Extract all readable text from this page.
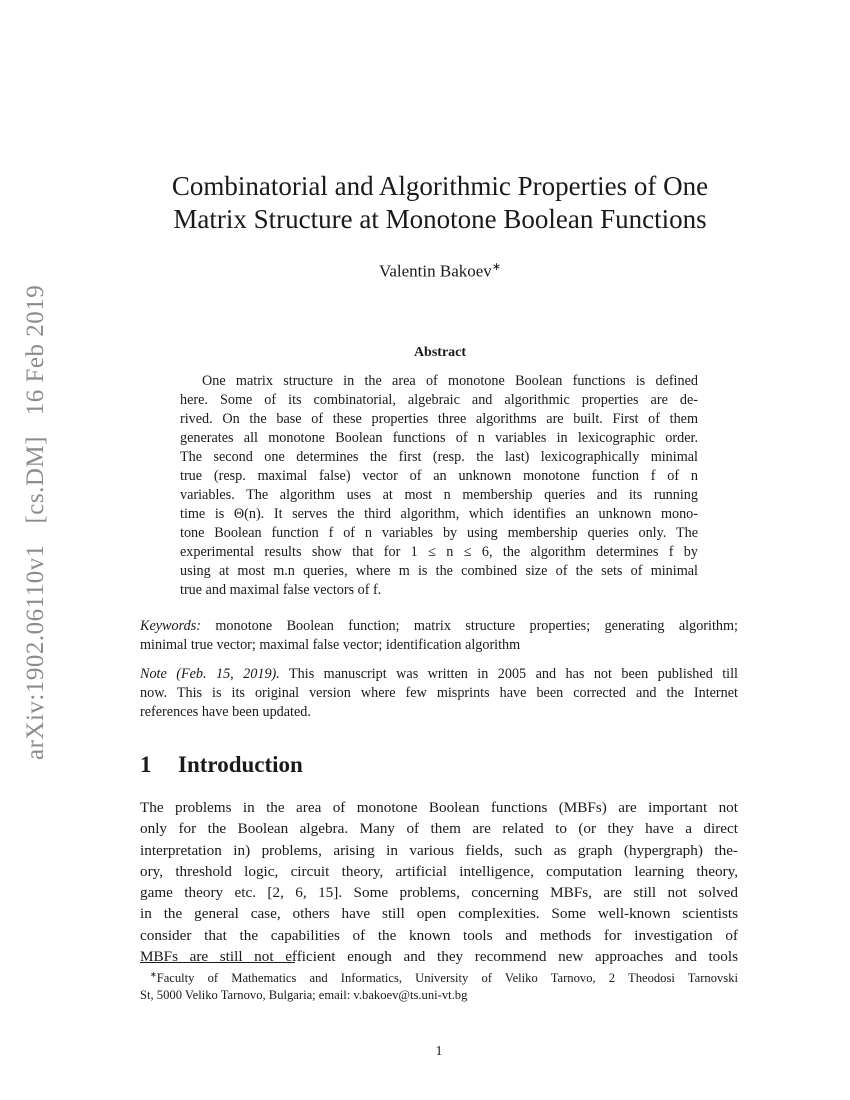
arXiv:1902.06110v1 [cs.DM] 16 Feb 2019
Combinatorial and Algorithmic Properties of One
Matrix Structure at Monotone Boolean Functions
Valentin Bakoev∗
Abstract
One matrix structure in the area of monotone Boolean functions is defined
here. Some of its combinatorial, algebraic and algorithmic properties are de-
rived. On the base of these properties three algorithms are built. First of them
generates all monotone Boolean functions of n variables in lexicographic order.
The second one determines the first (resp. the last) lexicographically minimal
true (resp. maximal false) vector of an unknown monotone function f of n
variables. The algorithm uses at most n membership queries and its running
time is Θ(n). It serves the third algorithm, which identifies an unknown mono-
tone Boolean function f of n variables by using membership queries only. The
experimental results show that for 1 ≤ n ≤ 6, the algorithm determines f by
using at most m.n queries, where m is the combined size of the sets of minimal
true and maximal false vectors of f.
Keywords: monotone Boolean function; matrix structure properties; generating algorithm;
minimal true vector; maximal false vector; identification algorithm
Note (Feb. 15, 2019). This manuscript was written in 2005 and has not been published till
now. This is its original version where few misprints have been corrected and the Internet
references have been updated.
1 Introduction
The problems in the area of monotone Boolean functions (MBFs) are important not
only for the Boolean algebra. Many of them are related to (or they have a direct
interpretation in) problems, arising in various fields, such as graph (hypergraph) the-
ory, threshold logic, circuit theory, artificial intelligence, computation learning theory,
game theory etc. [2, 6, 15]. Some problems, concerning MBFs, are still not solved
in the general case, others have still open complexities. Some well-known scientists
consider that the capabilities of the known tools and methods for investigation of
MBFs are still not efficient enough and they recommend new approaches and tools
∗Faculty of Mathematics and Informatics, University of Veliko Tarnovo, 2 Theodosi Tarnovski
St, 5000 Veliko Tarnovo, Bulgaria; email: v.bakoev@ts.uni-vt.bg
1
